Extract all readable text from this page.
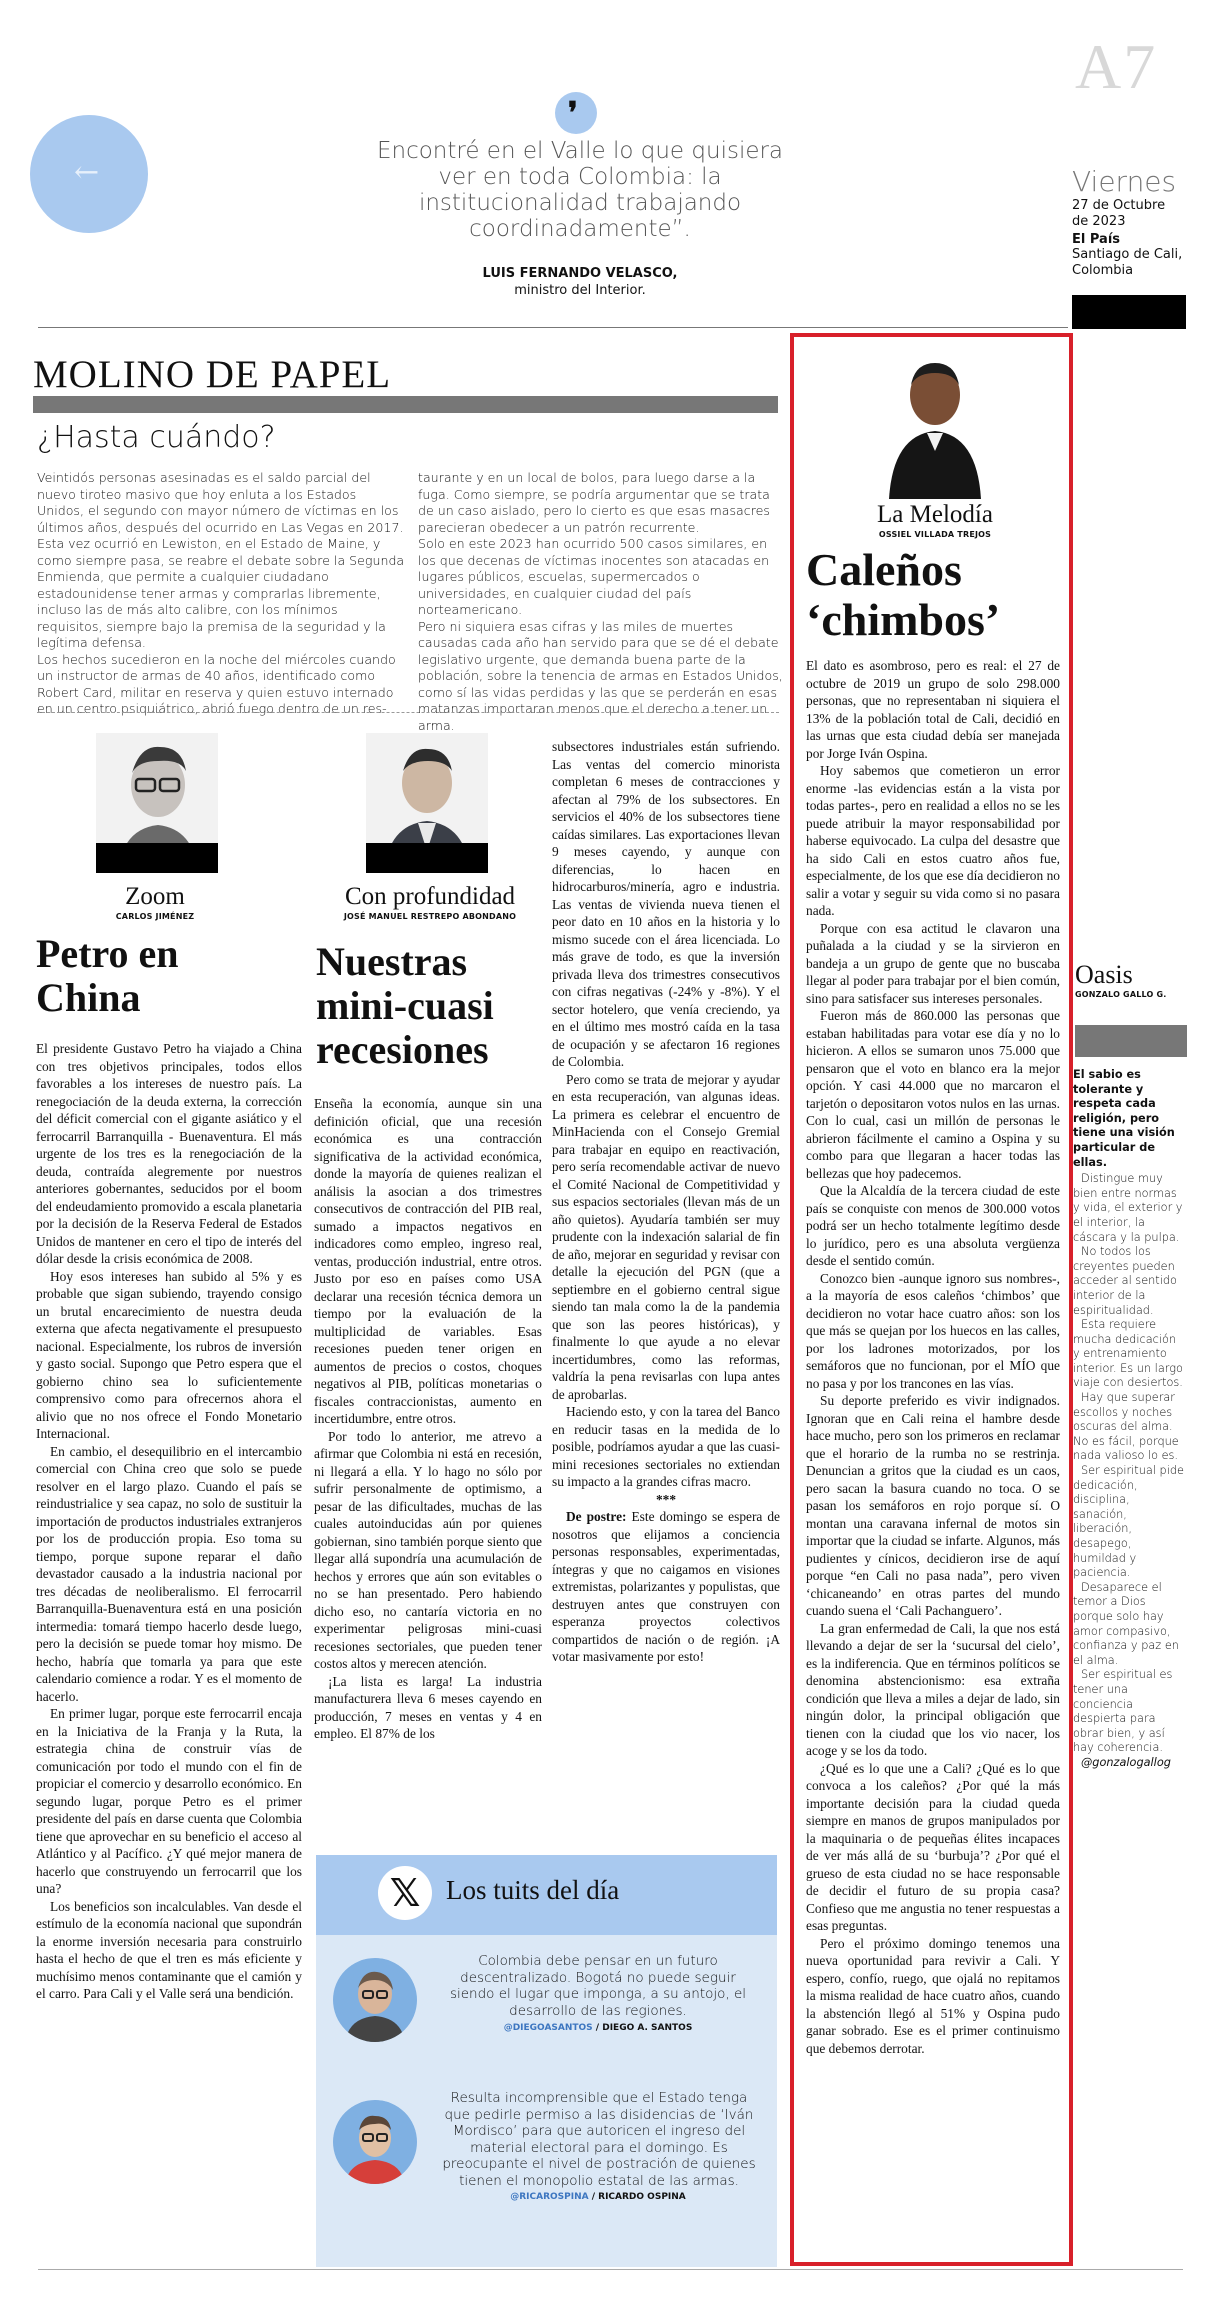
A7
←
❜
Encontré en el Valle lo que quisiera ver en toda Colombia: la institucionalidad trabajando coordinadamente”.
LUIS FERNANDO VELASCO,
ministro del Interior.
Viernes
27 de Octubre
de 2023
El País
Santiago de Cali,
Colombia
MOLINO DE PAPEL
¿Hasta cuándo?

Veintidós personas asesinadas es el saldo parcial del nuevo tiroteo masivo que hoy enluta a los Estados Unidos, el segundo con mayor número de víctimas en los últimos años, después del ocurrido en Las Vegas en 2017. Esta vez ocurrió en Lewiston, en el Estado de Maine, y como siempre pasa, se reabre el debate sobre la Segunda Enmienda, que permite a cualquier ciudadano estadounidense tener armas y comprarlas libremente, incluso las de más alto calibre, con los mínimos requisitos, siempre bajo la premisa de la seguridad y la legítima defensa.

Los hechos sucedieron en la noche del miércoles cuando un instructor de armas de 40 años, identificado como Robert Card, militar en reserva y quien estuvo internado en un centro psiquiátrico, abrió fuego dentro de un res-

taurante y en un local de bolos, para luego darse a la fuga. Como siempre, se podría argumentar que se trata de un caso aislado, pero lo cierto es que esas masacres parecieran obedecer a un patrón recurrente.

Solo en este 2023 han ocurrido 500 casos similares, en los que decenas de víctimas inocentes son atacadas en lugares públicos, escuelas, supermercados o universidades, en cualquier ciudad del país norteamericano.

Pero ni siquiera esas cifras y las miles de muertes causadas cada año han servido para que se dé el debate legislativo urgente, que demanda buena parte de la población, sobre la tenencia de armas en Estados Unidos, como sí las vidas perdidas y las que se perderán en esas matanzas importaran menos que el derecho a tener un arma.

Zoom
CARLOS JIMÉNEZ
Petro en
China

El presidente Gustavo Petro ha viajado a China con tres objetivos principales, todos ellos favorables a los intereses de nuestro país. La renegociación de la deuda externa, la corrección del déficit comercial con el gigante asiático y el ferrocarril Barranquilla - Buenaventura. El más urgente de los tres es la renegociación de la deuda, contraída alegremente por nuestros anteriores gobernantes, seducidos por el boom del endeudamiento promovido a escala planetaria por la decisión de la Reserva Federal de Estados Unidos de mantener en cero el tipo de interés del dólar desde la crisis económica de 2008.

Hoy esos intereses han subido al 5% y es probable que sigan subiendo, trayendo consigo un brutal encarecimiento de nuestra deuda externa que afecta negativamente el presupuesto nacional. Especialmente, los rubros de inversión y gasto social. Supongo que Petro espera que el gobierno chino sea lo suficientemente comprensivo como para ofrecernos ahora el alivio que no nos ofrece el Fondo Monetario Internacional.

En cambio, el desequilibrio en el intercambio comercial con China creo que solo se puede resolver en el largo plazo. Cuando el país se reindustrialice y sea capaz, no solo de sustituir la importación de productos industriales extranjeros por los de producción propia. Eso toma su tiempo, porque supone reparar el daño devastador causado a la industria nacional por tres décadas de neoliberalismo. El ferrocarril Barranquilla-Buenaventura está en una posición intermedia: tomará tiempo hacerlo desde luego, pero la decisión se puede tomar hoy mismo. De hecho, habría que tomarla ya para que este calendario comience a rodar. Y es el momento de hacerlo.

En primer lugar, porque este ferrocarril encaja en la Iniciativa de la Franja y la Ruta, la estrategia china de construir vías de comunicación por todo el mundo con el fin de propiciar el comercio y desarrollo económico. En segundo lugar, porque Petro es el primer presidente del país en darse cuenta que Colombia tiene que aprovechar en su beneficio el acceso al Atlántico y al Pacífico. ¿Y qué mejor manera de hacerlo que construyendo un ferrocarril que los una?

Los beneficios son incalculables. Van desde el estímulo de la economía nacional que supondrán la enorme inversión necesaria para construirlo hasta el hecho de que el tren es más eficiente y muchísimo menos contaminante que el camión y el carro. Para Cali y el Valle será una bendición.

Con profundidad
JOSÉ MANUEL RESTREPO ABONDANO
Nuestras
mini-cuasi
recesiones

Enseña la economía, aunque sin una definición oficial, que una recesión económica es una contracción significativa de la actividad económica, donde la mayoría de quienes realizan el análisis la asocian a dos trimestres consecutivos de contracción del PIB real, sumado a impactos negativos en indicadores como empleo, ingreso real, ventas, producción industrial, entre otros. Justo por eso en países como USA declarar una recesión técnica demora un tiempo por la evaluación de la multiplicidad de variables. Esas recesiones pueden tener origen en aumentos de precios o costos, choques negativos al PIB, políticas monetarias o fiscales contraccionistas, aumento en incertidumbre, entre otros.

Por todo lo anterior, me atrevo a afirmar que Colombia ni está en recesión, ni llegará a ella. Y lo hago no sólo por sufrir personalmente de optimismo, a pesar de las dificultades, muchas de las cuales autoinducidas aún por quienes gobiernan, sino también porque siento que llegar allá supondría una acumulación de hechos y errores que aún son evitables o no se han presentado. Pero habiendo dicho eso, no cantaría victoria en no experimentar peligrosas mini-cuasi recesiones sectoriales, que pueden tener costos altos y merecen atención.

¡La lista es larga! La industria manufacturera lleva 6 meses cayendo en producción, 7 meses en ventas y 4 en empleo. El 87% de los

subsectores industriales están sufriendo. Las ventas del comercio minorista completan 6 meses de contracciones y afectan al 79% de los subsectores. En servicios el 40% de los subsectores tiene caídas similares. Las exportaciones llevan 9 meses cayendo, y aunque con diferencias, lo hacen en hidrocarburos/minería, agro e industria. Las ventas de vivienda nueva tienen el peor dato en 10 años en la historia y lo mismo sucede con el área licenciada. Lo más grave de todo, es que la inversión privada lleva dos trimestres consecutivos con cifras negativas (-24% y -8%). Y el sector hotelero, que venía creciendo, ya en el último mes mostró caída en la tasa de ocupación y se afectaron 16 regiones de Colombia.

Pero como se trata de mejorar y ayudar en esta recuperación, van algunas ideas. La primera es celebrar el encuentro de MinHacienda con el Consejo Gremial para trabajar en equipo en reactivación, pero sería recomendable activar de nuevo el Comité Nacional de Competitividad y sus espacios sectoriales (llevan más de un año quietos). Ayudaría también ser muy prudente con la indexación salarial de fin de año, mejorar en seguridad y revisar con detalle la ejecución del PGN (que a septiembre en el gobierno central sigue siendo tan mala como la de la pandemia que son las peores históricas), y finalmente lo que ayude a no elevar incertidumbres, como las reformas, valdría la pena revisarlas con lupa antes de aprobarlas.

Haciendo esto, y con la tarea del Banco en reducir tasas en la medida de lo posible, podríamos ayudar a que las cuasi-mini recesiones sectoriales no extiendan su impacto a la grandes cifras macro.

***

De postre: Este domingo se espera de nosotros que elijamos a conciencia personas responsables, experimentadas, íntegras y que no caigamos en visiones extremistas, polarizantes y populistas, que destruyen antes que construyen con esperanza proyectos colectivos compartidos de nación o de región. ¡A votar masivamente por esto!

𝕏 Los tuits del día
Colombia debe pensar en un futuro descentralizado. Bogotá no puede seguir siendo el lugar que imponga, a su antojo, el desarrollo de las regiones.
@DIEGOASANTOS / DIEGO A. SANTOS
Resulta incomprensible que el Estado tenga que pedirle permiso a las disidencias de ‘Iván Mordisco’ para que autoricen el ingreso del material electoral para el domingo. Es preocupante el nivel de postración de quienes tienen el monopolio estatal de las armas.
@RICAROSPINA / RICARDO OSPINA
La Melodía
OSSIEL VILLADA TREJOS
Caleños
‘chimbos’

El dato es asombroso, pero es real: el 27 de octubre de 2019 un grupo de solo 298.000 personas, que no representaban ni siquiera el 13% de la población total de Cali, decidió en las urnas que esta ciudad debía ser manejada por Jorge Iván Ospina.

Hoy sabemos que cometieron un error enorme -las evidencias están a la vista por todas partes-, pero en realidad a ellos no se les puede atribuir la mayor responsabilidad por haberse equivocado. La culpa del desastre que ha sido Cali en estos cuatro años fue, especialmente, de los que ese día decidieron no salir a votar y seguir su vida como si no pasara nada.

Porque con esa actitud le clavaron una puñalada a la ciudad y se la sirvieron en bandeja a un grupo de gente que no buscaba llegar al poder para trabajar por el bien común, sino para satisfacer sus intereses personales.

Fueron más de 860.000 las personas que estaban habilitadas para votar ese día y no lo hicieron. A ellos se sumaron unos 75.000 que pensaron que el voto en blanco era la mejor opción. Y casi 44.000 que no marcaron el tarjetón o depositaron votos nulos en las urnas. Con lo cual, casi un millón de personas le abrieron fácilmente el camino a Ospina y su combo para que llegaran a hacer todas las bellezas que hoy padecemos.

Que la Alcaldía de la tercera ciudad de este país se conquiste con menos de 300.000 votos podrá ser un hecho totalmente legítimo desde lo jurídico, pero es una absoluta vergüenza desde el sentido común.

Conozco bien -aunque ignoro sus nombres-, a la mayoría de esos caleños ‘chimbos’ que decidieron no votar hace cuatro años: son los que más se quejan por los huecos en las calles, por los ladrones motorizados, por los semáforos que no funcionan, por el MÍO que no pasa y por los trancones en las vías.

Su deporte preferido es vivir indignados. Ignoran que en Cali reina el hambre desde hace mucho, pero son los primeros en reclamar que el horario de la rumba no se restrinja. Denuncian a gritos que la ciudad es un caos, pero sacan la basura cuando no toca. O se pasan los semáforos en rojo porque sí. O montan una caravana infernal de motos sin importar que la ciudad se infarte. Algunos, más pudientes y cínicos, decidieron irse de aquí porque “en Cali no pasa nada”, pero viven ‘chicaneando’ en otras partes del mundo cuando suena el ‘Cali Pachanguero’.

La gran enfermedad de Cali, la que nos está llevando a dejar de ser la ‘sucursal del cielo’, es la indiferencia. Que en términos políticos se denomina abstencionismo: esa extraña condición que lleva a miles a dejar de lado, sin ningún dolor, la principal obligación que tienen con la ciudad que los vio nacer, los acoge y se los da todo.

¿Qué es lo que une a Cali? ¿Qué es lo que convoca a los caleños? ¿Por qué la más importante decisión para la ciudad queda siempre en manos de grupos manipulados por la maquinaria o de pequeñas élites incapaces de ver más allá de su ‘burbuja’? ¿Por qué el grueso de esta ciudad no se hace responsable de decidir el futuro de su propia casa? Confieso que me angustia no tener respuestas a esas preguntas.

Pero el próximo domingo tenemos una nueva oportunidad para revivir a Cali. Y espero, confío, ruego, que ojalá no repitamos la misma realidad de hace cuatro años, cuando la abstención llegó al 51% y Ospina pudo ganar sobrado. Ese es el primer continuismo que debemos derrotar.

Oasis
GONZALO GALLO G.

El sabio es tolerante y respeta cada religión, pero tiene una visión particular de ellas.

Distingue muy bien entre normas y vida, el exterior y el interior, la cáscara y la pulpa.

No todos los creyentes pueden acceder al sentido interior de la espiritualidad.

Esta requiere mucha dedicación y entrenamiento interior. Es un largo viaje con desiertos.

Hay que superar escollos y noches oscuras del alma. No es fácil, porque nada valioso lo es.

Ser espiritual pide dedicación, disciplina, sanación, liberación, desapego, humildad y paciencia.

Desaparece el temor a Dios porque solo hay amor compasivo, confianza y paz en el alma.

Ser espiritual es tener una conciencia despierta para obrar bien, y así hay coherencia.

@gonzalogallog
